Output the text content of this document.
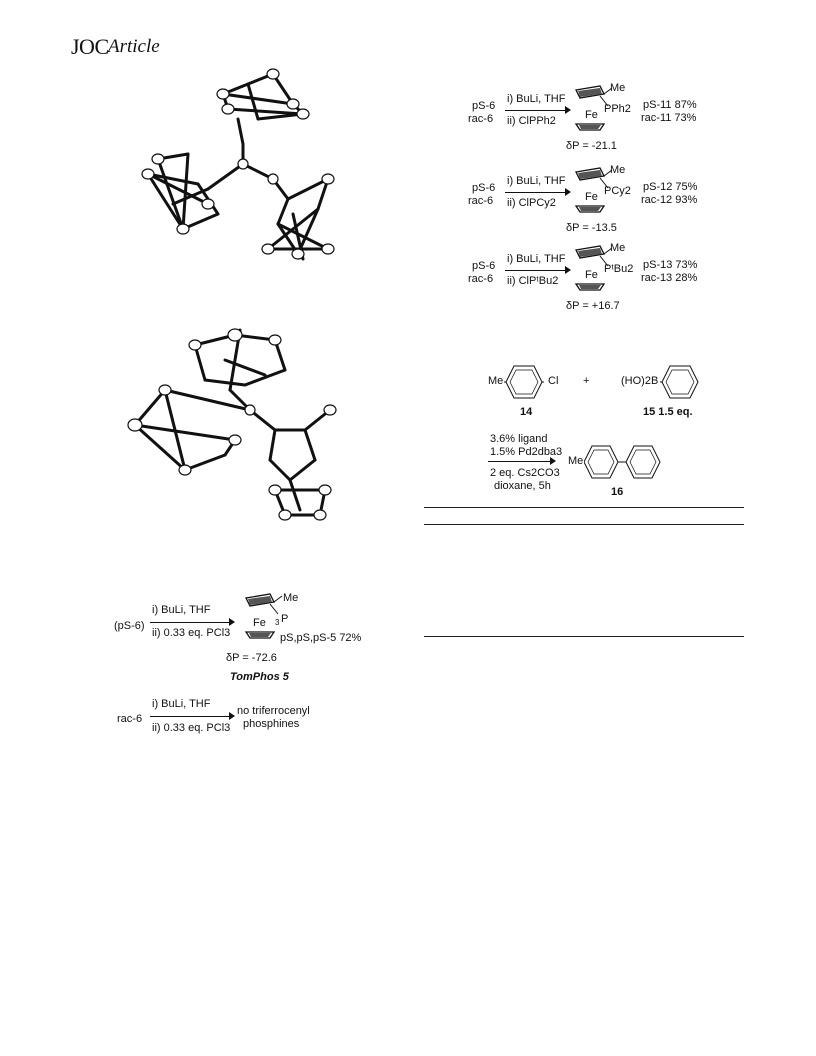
JOC Article
(pS-6)
i) BuLi, THF
ii) 0.33 eq. PCl3
Me
Fe P
3
pS,pS,pS-5 72%
δP = -72.6
TomPhos 5
rac-6
i) BuLi, THF
ii) 0.33 eq. PCl3
no triferrocenyl
phosphines
pS-6
rac-6
i) BuLi, THF
ii) ClPPh2
Me
Fe PPh2 pS-11 87%
rac-11 73%
δP = -21.1
pS-6
rac-6
i) BuLi, THF
ii) ClPCy2
Me
Fe PCy2 pS-12 75%
rac-12 93%
δP = -13.5
pS-6
rac-6
i) BuLi, THF
ii) ClPᵗBu2
Me
Fe PᵗBu2 pS-13 73%
rac-13 28%
δP = +16.7
Me	Cl
14
+	(HO)2B
15 1.5 eq.
3.6% ligand
1.5% Pd2dba3
2 eq. Cs2CO3
dioxane, 5h
Me
16
